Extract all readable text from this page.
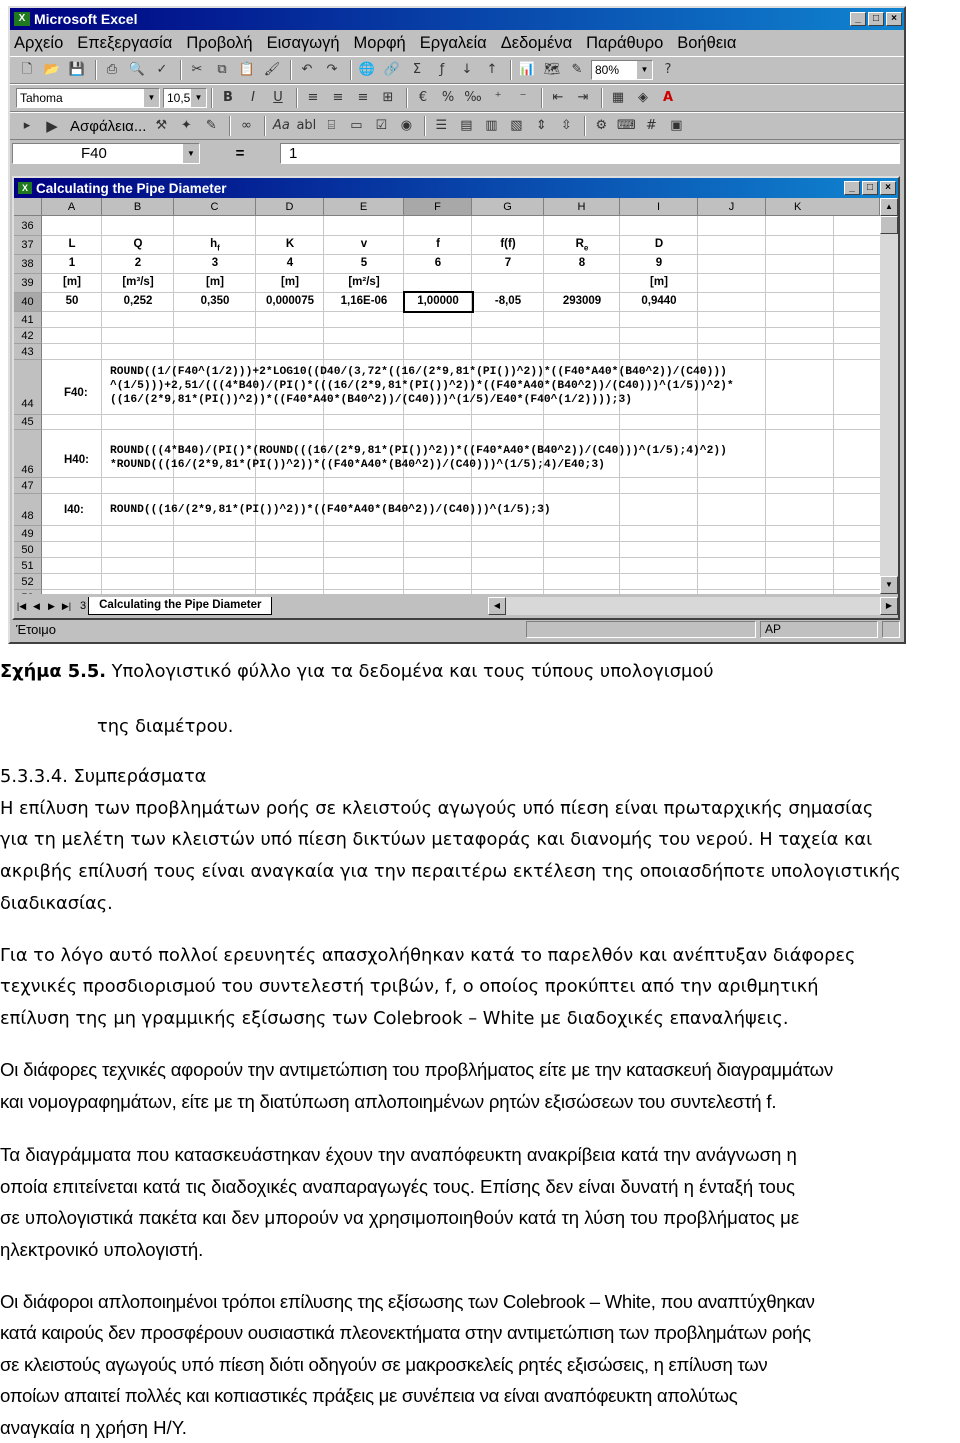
X Microsoft Excel	_	□	×
Αρχείο Επεξεργασία Προβολή Εισαγωγή Μορφή Εργαλεία Δεδομένα Παράθυρο Βοήθεια
🗋 📂 💾	⎙ 🔍 ✓	✂	⧉ 📋 🖌	↶	↷	🌐 🔗 Σ	ƒ	↓	↑	📊 🗺 ✎	80% ▼	?
Tahoma ▼	10,5 ▼	B	I	U	≡	≡	≡	⊞	€	% ‰ ⁺	⁻	⇤	⇥	▦	◈	A
▸	▶ Ασφάλεια... ⚒	✦	✎	∞	Aa abl ⌸	▭	☑	◉	☰	▤ ▥ ▧	⇕	⇳	⚙ ⌨ #	▣
F40 ▼	=	1
X Calculating the Pipe Diameter	_	□	×
A	B	C	D	E	F	G	H	I	J	K
36
37
38
39
40
41
42
43
44
45
46
47
48
49
50
51
52
L	Q	$h_f$	K	v	f	f(f)	$R_e$	D
1	2	3	4	5	6	7	8	9
[m]	[m³/s]	[m]	[m]	[m²/s]	[m]
50	0,252	0,350	0,000075	1,16E-06	1,00000	-8,05	293009	0,9440
F40:
ROUND((1/(F40^(1/2)))+2*LOG10((D40/(3,72*((16/(2*9,81*(PI())^2))*((F40*A40*(B40^2))/(C40)))
^(1/5)))+2,51/(((4*B40)/(PI()*(((16/(2*9,81*(PI())^2))*((F40*A40*(B40^2))/(C40)))^(1/5))^2)*
((16/(2*9,81*(PI())^2))*((F40*A40*(B40^2))/(C40)))^(1/5)/E40*(F40^(1/2))));3)
H40:
ROUND(((4*B40)/(PI()*(ROUND(((16/(2*9,81*(PI())^2))*((F40*A40*(B40^2))/(C40)))^(1/5);4)^2))
*ROUND(((16/(2*9,81*(PI())^2))*((F40*A40*(B40^2))/(C40)))^(1/5);4)/E40;3)
I40: ROUND(((16/(2*9,81*(PI())^2))*((F40*A40*(B40^2))/(C40)))^(1/5);3)
▲
▼
|◀ ◀ ▶ ▶| 3	Calculating the Pipe Diameter	◀	▶
Έτοιμο	AP
Σχήμα 5.5. Υπολογιστικό φύλλο για τα δεδομένα και τους τύπους υπολογισμού
της διαμέτρου.
5.3.3.4. Συμπεράσματα
Η επίλυση των προβλημάτων ροής σε κλειστούς αγωγούς υπό πίεση είναι πρωταρχικής σημασίας
για τη μελέτη των κλειστών υπό πίεση δικτύων μεταφοράς και διανομής του νερού. Η ταχεία και
ακριβής επίλυσή τους είναι αναγκαία για την περαιτέρω εκτέλεση της οποιασδήποτε υπολογιστικής
διαδικασίας.
Για το λόγο αυτό πολλοί ερευνητές απασχολήθηκαν κατά το παρελθόν και ανέπτυξαν διάφορες
τεχνικές προσδιορισμού του συντελεστή τριβών, f, ο οποίος προκύπτει από την αριθμητική
επίλυση της μη γραμμικής εξίσωσης των Colebrook – White με διαδοχικές επαναλήψεις.
Οι διάφορες τεχνικές αφορούν την αντιμετώπιση του προβλήματος είτε με την κατασκευή διαγραμμάτων
και νομογραφημάτων, είτε με τη διατύπωση απλοποιημένων ρητών εξισώσεων του συντελεστή f.
Τα διαγράμματα που κατασκευάστηκαν έχουν την αναπόφευκτη ανακρίβεια κατά την ανάγνωση η
οποία επιτείνεται κατά τις διαδοχικές αναπαραγωγές τους. Επίσης δεν είναι δυνατή η ένταξή τους
σε υπολογιστικά πακέτα και δεν μπορούν να χρησιμοποιηθούν κατά τη λύση του προβλήματος με
ηλεκτρονικό υπολογιστή.
Οι διάφοροι απλοποιημένοι τρόποι επίλυσης της εξίσωσης των Colebrook – White, που αναπτύχθηκαν
κατά καιρούς δεν προσφέρουν ουσιαστικά πλεονεκτήματα στην αντιμετώπιση των προβλημάτων ροής
σε κλειστούς αγωγούς υπό πίεση διότι οδηγούν σε μακροσκελείς ρητές εξισώσεις, η επίλυση των
οποίων απαιτεί πολλές και κοπιαστικές πράξεις με συνέπεια να είναι αναπόφευκτη απολύτως
αναγκαία η χρήση Η/Υ.
